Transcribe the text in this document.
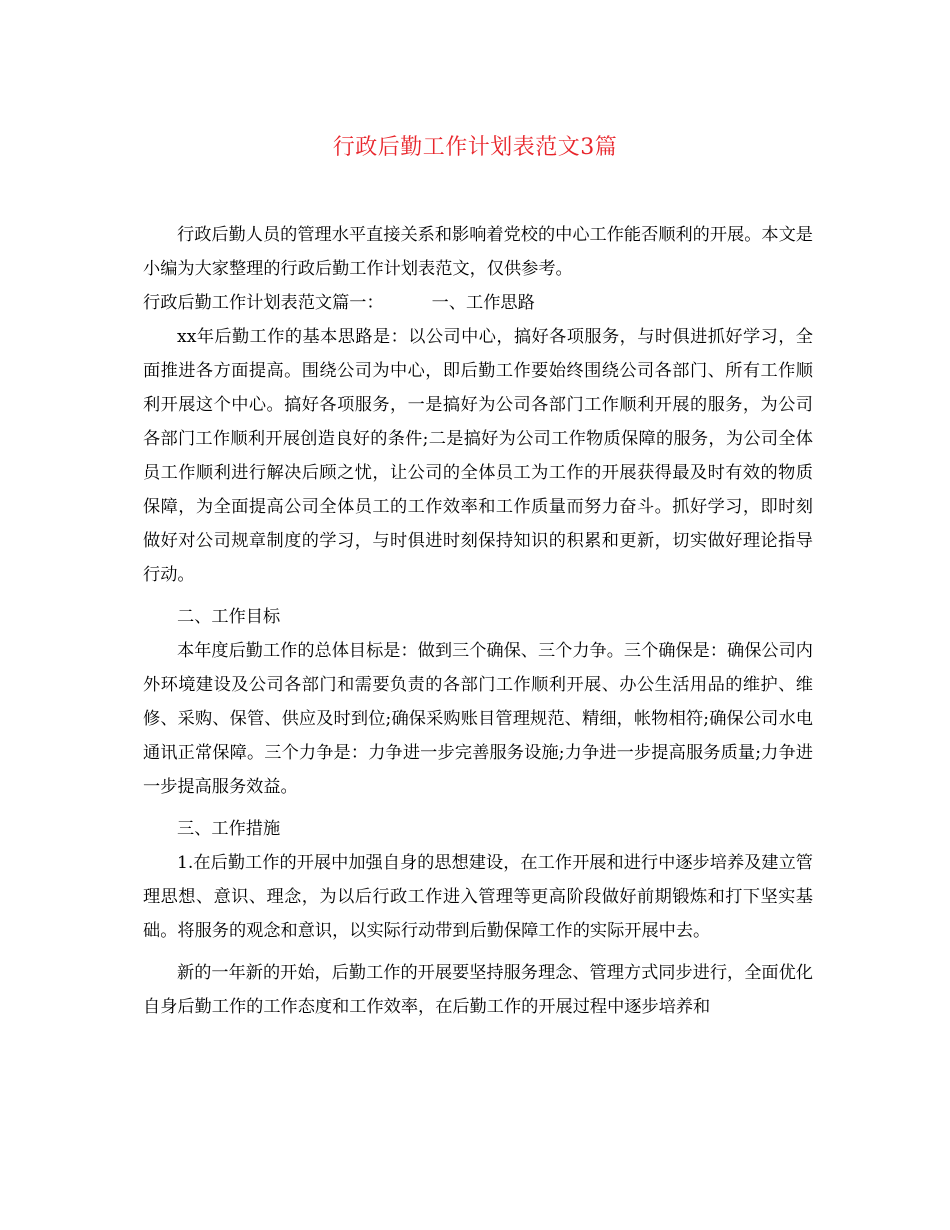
行政后勤工作计划表范文3篇

行政后勤人员的管理水平直接关系和影响着党校的中心工作能否顺利的开展。本文是小编为大家整理的行政后勤工作计划表范文，仅供参考。

行政后勤工作计划表范文篇一：	一、工作思路

xx年后勤工作的基本思路是：以公司中心，搞好各项服务，与时俱进抓好学习，全面推进各方面提高。围绕公司为中心，即后勤工作要始终围绕公司各部门、所有工作顺利开展这个中心。搞好各项服务，一是搞好为公司各部门工作顺利开展的服务，为公司各部门工作顺利开展创造良好的条件;二是搞好为公司工作物质保障的服务，为公司全体员工作顺利进行解决后顾之忧，让公司的全体员工为工作的开展获得最及时有效的物质保障，为全面提高公司全体员工的工作效率和工作质量而努力奋斗。抓好学习，即时刻做好对公司规章制度的学习，与时俱进时刻保持知识的积累和更新，切实做好理论指导行动。

二、工作目标

本年度后勤工作的总体目标是：做到三个确保、三个力争。三个确保是：确保公司内外环境建设及公司各部门和需要负责的各部门工作顺利开展、办公生活用品的维护、维修、采购、保管、供应及时到位;确保采购账目管理规范、精细，帐物相符;确保公司水电通讯正常保障。三个力争是：力争进一步完善服务设施;力争进一步提高服务质量;力争进一步提高服务效益。

三、工作措施

1.在后勤工作的开展中加强自身的思想建设，在工作开展和进行中逐步培养及建立管理思想、意识、理念，为以后行政工作进入管理等更高阶段做好前期锻炼和打下坚实基础。将服务的观念和意识，以实际行动带到后勤保障工作的实际开展中去。

新的一年新的开始，后勤工作的开展要坚持服务理念、管理方式同步进行，全面优化自身后勤工作的工作态度和工作效率，在后勤工作的开展过程中逐步培养和
